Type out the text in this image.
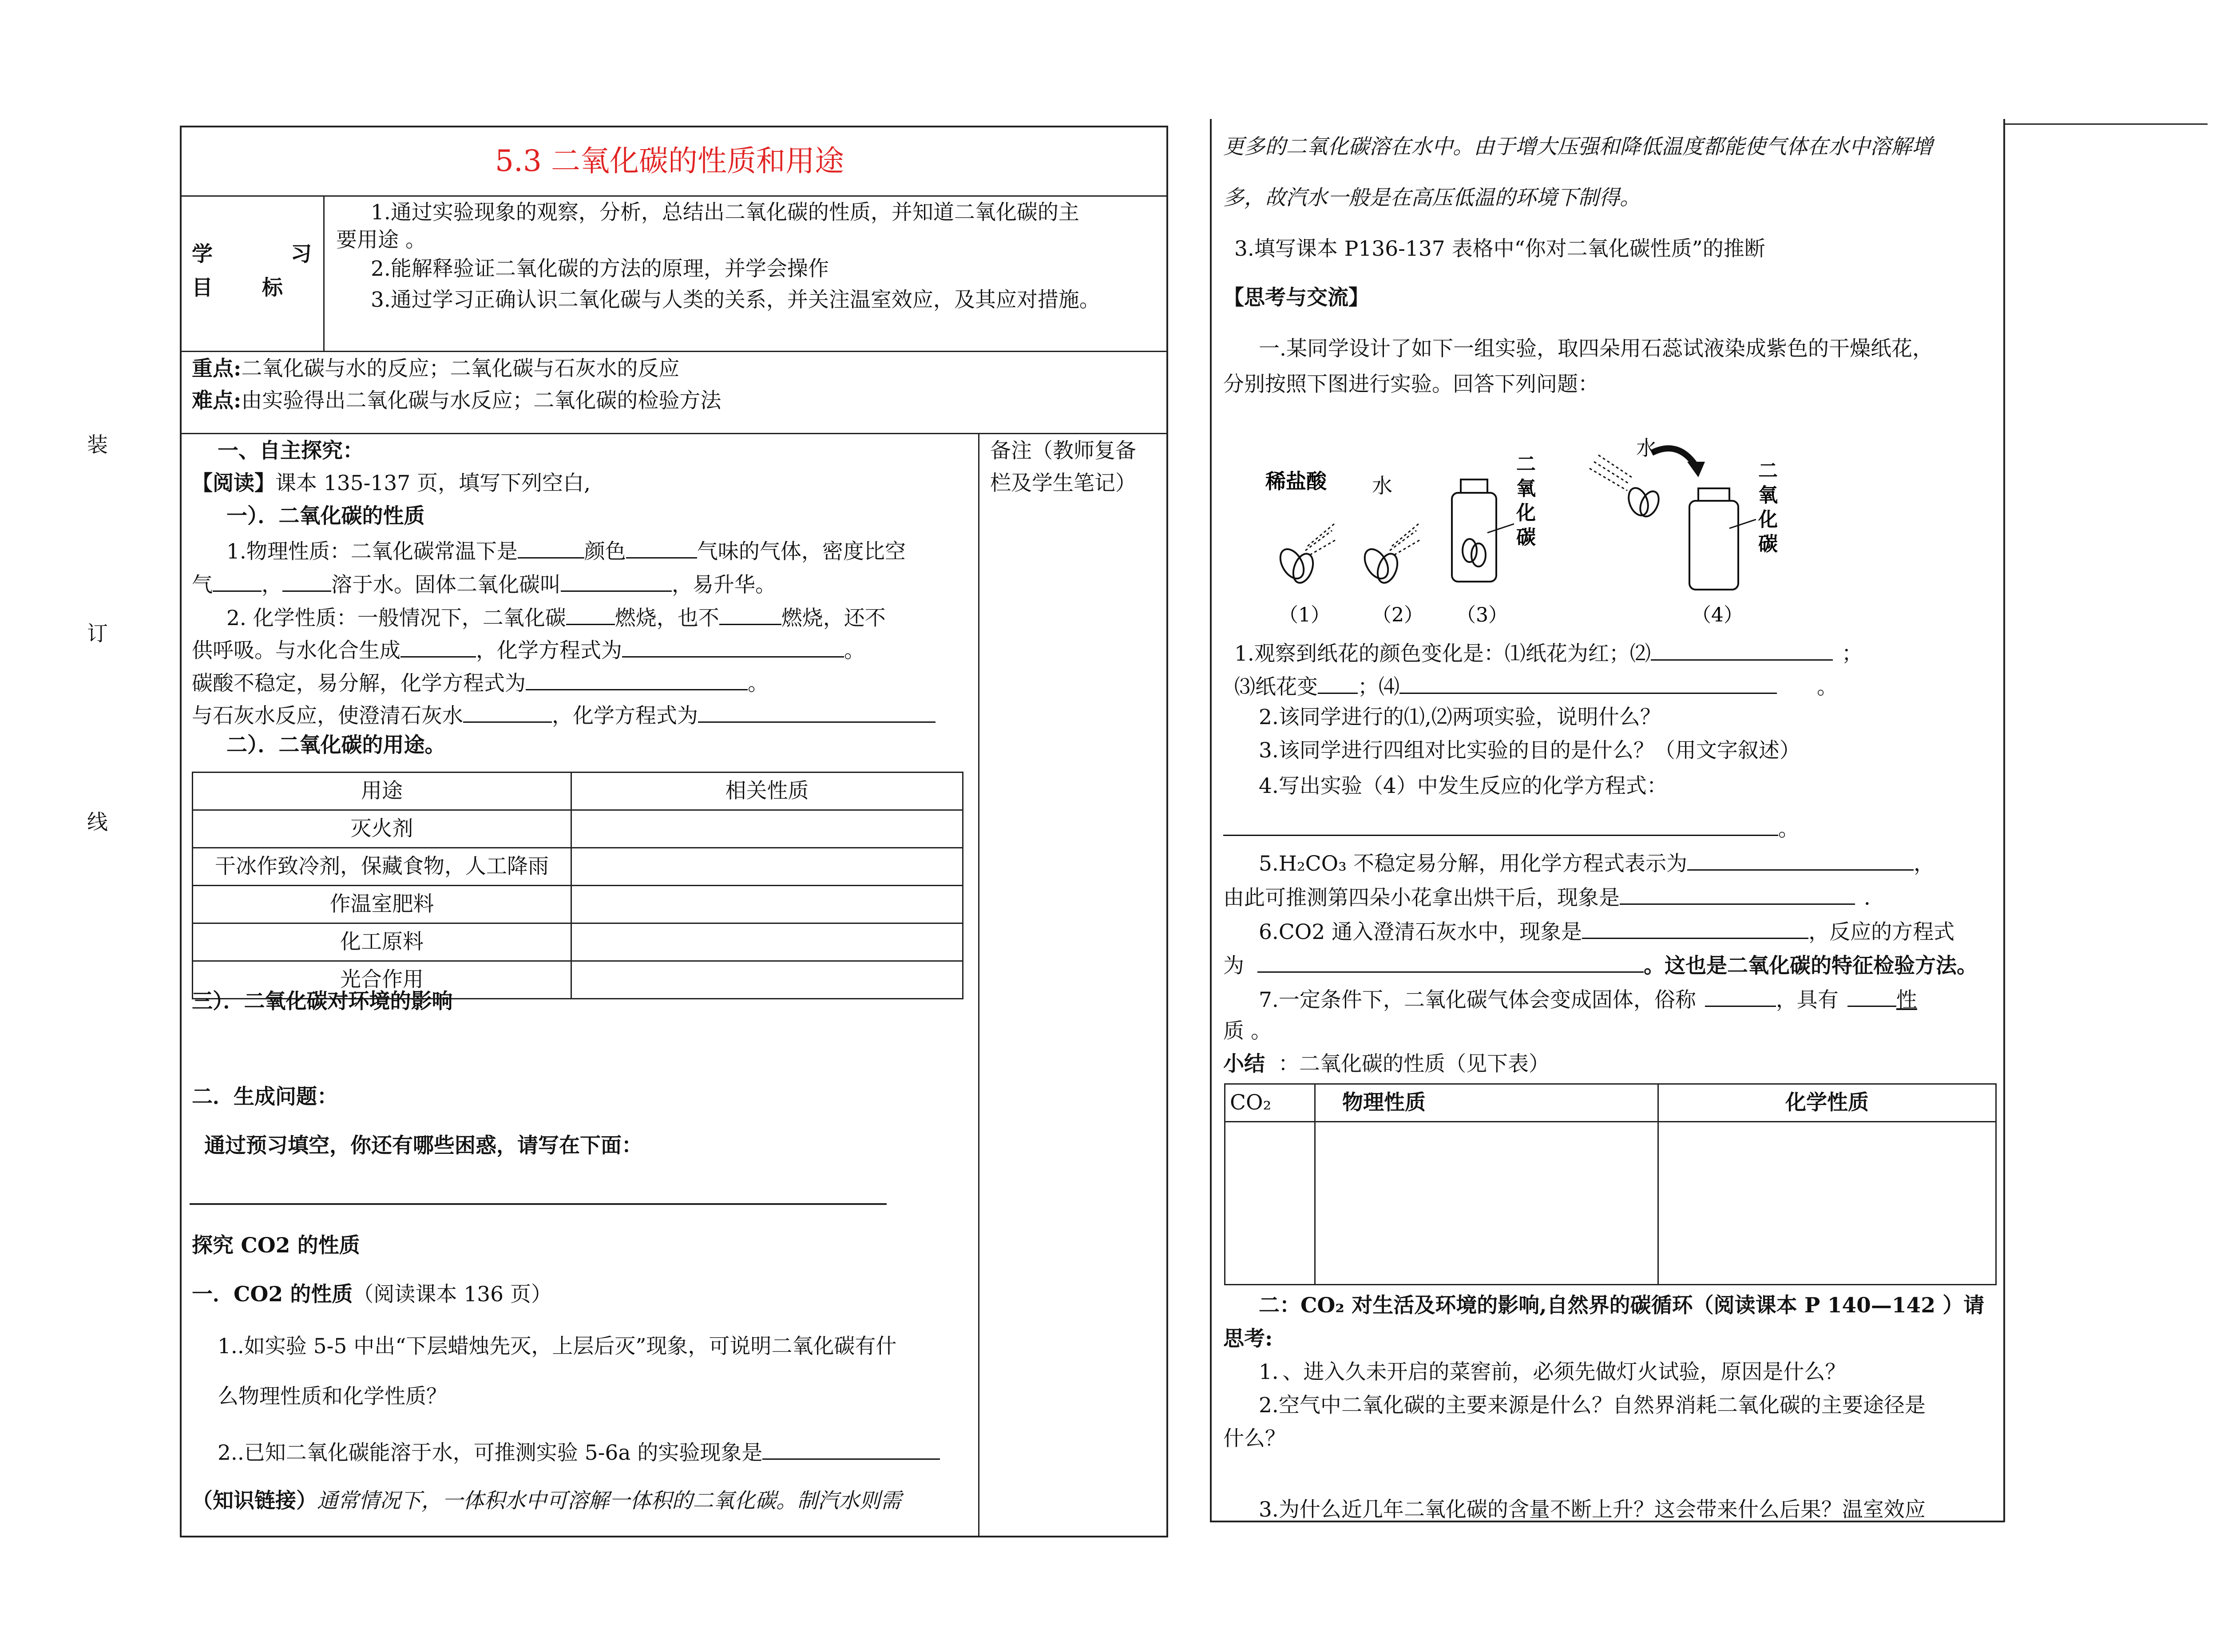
装
订
线
5.3 二氧化碳的性质和用途
学	习
目 标
1.通过实验现象的观察，分析，总结出二氧化碳的性质，并知道二氧化碳的主
要用途 。
2.能解释验证二氧化碳的方法的原理，并学会操作
3.通过学习正确认识二氧化碳与人类的关系，并关注温室效应，及其应对措施。
重点:二氧化碳与水的反应；二氧化碳与石灰水的反应
难点:由实验得出二氧化碳与水反应；二氧化碳的检验方法
备注（教师复备
栏及学生笔记）
一、自主探究：
【阅读】课本 135-137 页，填写下列空白,
一）．二氧化碳的性质
1.物理性质：二氧化碳常温下是	颜色	气味的气体，密度比空
气 ， 溶于水。固体二氧化碳叫	，易升华。
2. 化学性质：一般情况下，二氧化碳 燃烧，也不	燃烧，还不
供呼吸。与水化合生成	，化学方程式为	。
碳酸不稳定，易分解，化学方程式为	。
与石灰水反应，使澄清石灰水	，化学方程式为
二）．二氧化碳的用途。
用途	相关性质
灭火剂	
干冰作致冷剂，保藏食物，人工降雨	
作温室肥料	
化工原料	
光合作用	
三）．二氧化碳对环境的影响
二．生成问题：
通过预习填空，你还有哪些困惑，请写在下面：
探究 CO2 的性质
一．CO2 的性质（阅读课本 136 页）
1..如实验 5-5 中出“下层蜡烛先灭，上层后灭”现象，可说明二氧化碳有什
么物理性质和化学性质？
2..已知二氧化碳能溶于水，可推测实验 5-6a 的实验现象是
（知识链接）通常情况下，一体积水中可溶解一体积的二氧化碳。制汽水则需
更多的二氧化碳溶在水中。由于增大压强和降低温度都能使气体在水中溶解增
多，故汽水一般是在高压低温的环境下制得。
3.填写课本 P136-137 表格中“你对二氧化碳性质”的推断
【思考与交流】
一.某同学设计了如下一组实验，取四朵用石蕊试液染成紫色的干燥纸花，
分别按照下图进行实验。回答下列问题：
稀盐酸 水
二
氧
化
碳
水
二
氧
化
碳
（1） （2） （3）	（4）
1.观察到纸花的颜色变化是：⑴纸花为红；⑵	；
⑶纸花变 ；⑷	。
2.该同学进行的⑴,⑵两项实验，说明什么？
3.该同学进行四组对比实验的目的是什么？（用文字叙述）
4.写出实验（4）中发生反应的化学方程式：
。
5.H₂CO₃ 不稳定易分解，用化学方程式表示为	，
由此可推测第四朵小花拿出烘干后，现象是	．
6.CO2 通入澄清石灰水中，现象是	，反应的方程式
为	。这也是二氧化碳的特征检验方法。
7.一定条件下，二氧化碳气体会变成固体，俗称	，具有	性
质 。
小结 ：二氧化碳的性质（见下表）
CO₂	物理性质	化学性质

二：CO₂ 对生活及环境的影响,自然界的碳循环（阅读课本 P 140—142 ）请
思考:
1．、进入久未开启的菜窖前，必须先做灯火试验，原因是什么？
2.空气中二氧化碳的主要来源是什么？自然界消耗二氧化碳的主要途径是
什么？
3.为什么近几年二氧化碳的含量不断上升？这会带来什么后果？温室效应
